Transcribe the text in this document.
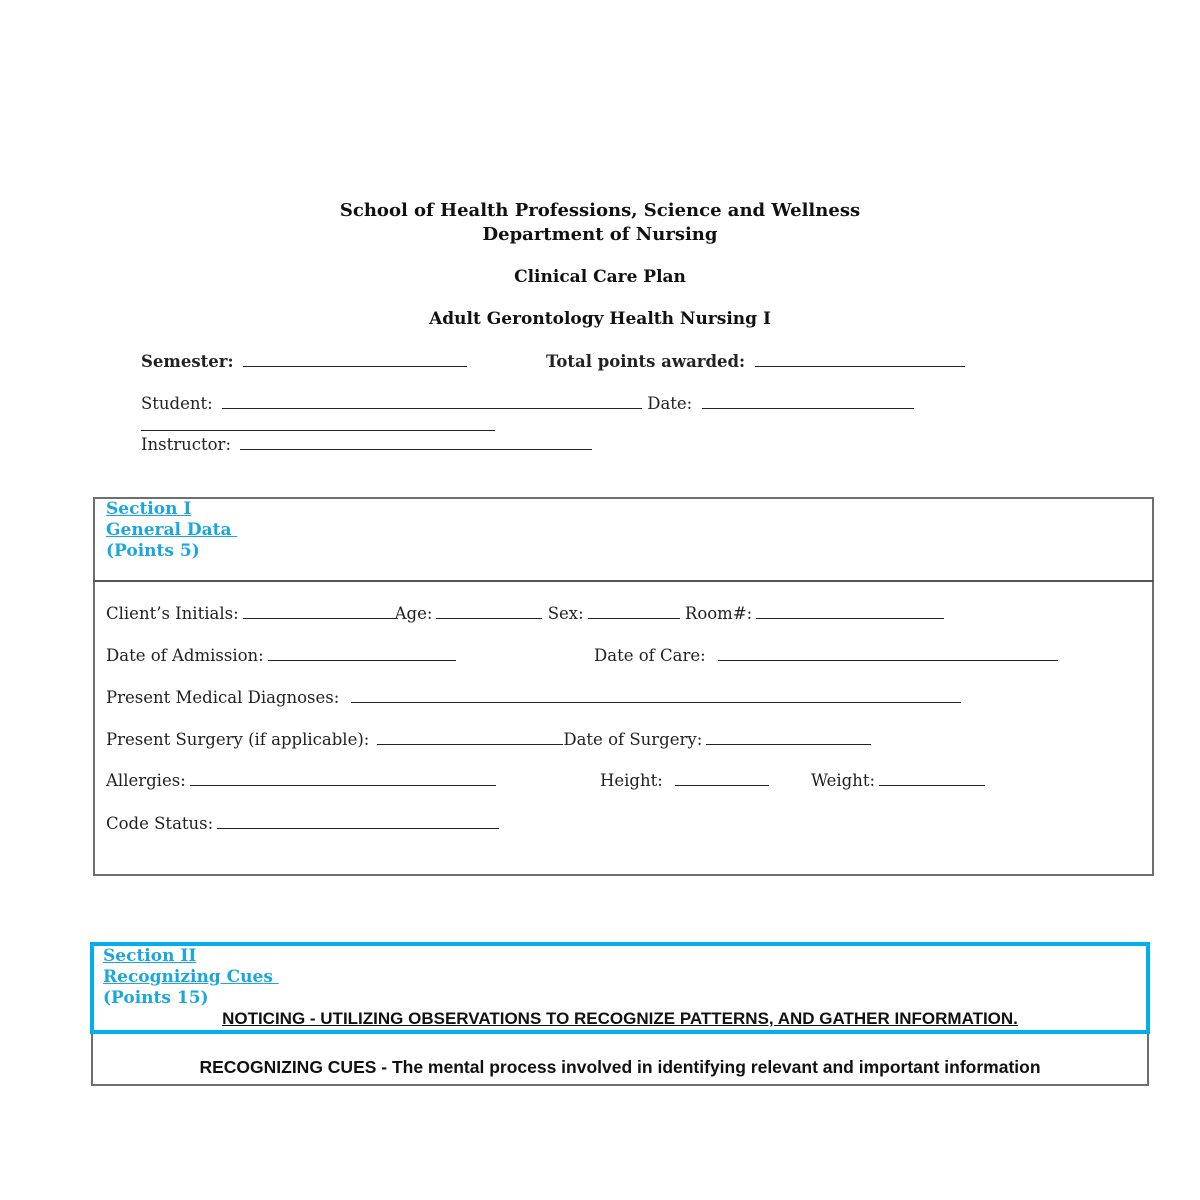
School of Health Professions, Science and Wellness
Department of Nursing
Clinical Care Plan
Adult Gerontology Health Nursing I
Semester:	Total points awarded:
Student:	Date:
Instructor:
Section I
General Data
(Points 5)
Client’s Initials:	Age:	Sex:	Room#:
Date of Admission:	Date of Care:
Present Medical Diagnoses:
Present Surgery (if applicable):	Date of Surgery:
Allergies:	Height:	Weight:
Code Status:
Section II
Recognizing Cues
(Points 15)
NOTICING - UTILIZING OBSERVATIONS TO RECOGNIZE PATTERNS, AND GATHER INFORMATION.
RECOGNIZING CUES - The mental process involved in identifying relevant and important information
